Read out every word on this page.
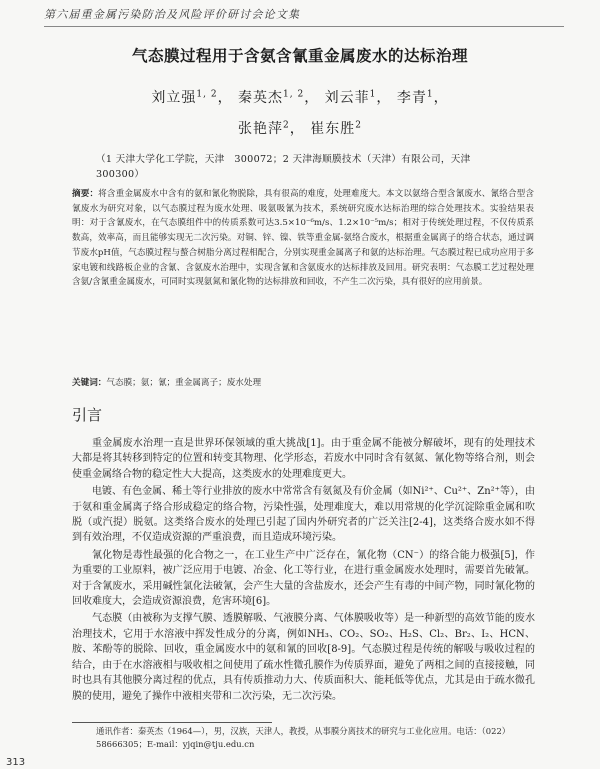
第六届重金属污染防治及风险评价研讨会论文集
气态膜过程用于含氨含氰重金属废水的达标治理
刘立强$^{1, 2}$， 秦英杰$^{1, 2}$， 刘云菲$^1$， 李青$^1$，
张艳萍$^2$， 崔东胜$^2$
（1 天津大学化工学院，天津　300072；2 天津海顺膜技术（天津）有限公司，天津　300300）
摘要：将含重金属废水中含有的氨和氰化物脱除，具有很高的难度，处理难度大。本文以氨络合型含氰废水、氰络合型含氰废水为研究对象，以气态膜过程为废水处理、吸氨吸氰为技术，系统研究废水达标治理的综合处理技术。实验结果表明：对于含氰废水，在气态膜组件中的传质系数可达3.5×10⁻⁶m/s、1.2×10⁻⁵m/s；相对于传统处理过程，不仅传质系数高，效率高，而且能够实现无二次污染。对铜、锌、镍、铁等重金属-氨络合废水，根据重金属离子的络合状态，通过调节废水pH值，气态膜过程与螯合树脂分离过程相配合，分别实现重金属离子和氨的达标治理。气态膜过程已成功应用于多家电镀和线路板企业的含氰、含氨废水治理中，实现含氰和含氨废水的达标排放及回用。研究表明：气态膜工艺过程处理含氨/含氰重金属废水，可同时实现氨氮和氰化物的达标排放和回收，不产生二次污染，具有很好的应用前景。
关键词：气态膜；氨；氰；重金属离子；废水处理
引言

重金属废水治理一直是世界环保领域的重大挑战[1]。由于重金属不能被分解破坏，现有的处理技术大都是将其转移到特定的位置和转变其物理、化学形态，若废水中同时含有氨氮、氰化物等络合剂，则会使重金属络合物的稳定性大大提高，这类废水的处理难度更大。

电镀、有色金属、稀土等行业排放的废水中常常含有氨氮及有价金属（如Ni²⁺、Cu²⁺、Zn²⁺等），由于氨和重金属离子络合形成稳定的络合物，污染性强，处理难度大，难以用常规的化学沉淀除重金属和吹脱（或汽提）脱氨。这类络合废水的处理已引起了国内外研究者的广泛关注[2-4]，这类络合废水如不得到有效治理，不仅造成资源的严重浪费，而且造成环境污染。

氰化物是毒性最强的化合物之一，在工业生产中广泛存在，氰化物（CN⁻）的络合能力极强[5]，作为重要的工业原料，被广泛应用于电镀、冶金、化工等行业，在进行重金属废水处理时，需要首先破氰。对于含氰废水，采用碱性氯化法破氰，会产生大量的含盐废水，还会产生有毒的中间产物，同时氰化物的回收难度大，会造成资源浪费，危害环境[6]。

气态膜（由被称为支撑气膜、透膜解吸、气液膜分离、气体膜吸收等）是一种新型的高效节能的废水治理技术，它用于水溶液中挥发性成分的分离，例如NH₃、CO₂、SO₂、H₂S、Cl₂、Br₂、I₂、HCN、胺、苯酚等的脱除、回收，重金属废水中的氨和氰的回收[8-9]。气态膜过程是传统的解吸与吸收过程的结合，由于在水溶液相与吸收相之间使用了疏水性微孔膜作为传质界面，避免了两相之间的直接接触，同时也具有其他膜分离过程的优点，具有传质推动力大、传质面积大、能耗低等优点，尤其是由于疏水微孔膜的使用，避免了操作中液相夹带和二次污染，无二次污染。

通讯作者：秦英杰（1964—），男，汉族，天津人，教授，从事膜分离技术的研究与工业化应用。电话：（022）58666305；E-mail：yjqin@tju.edu.cn
313
